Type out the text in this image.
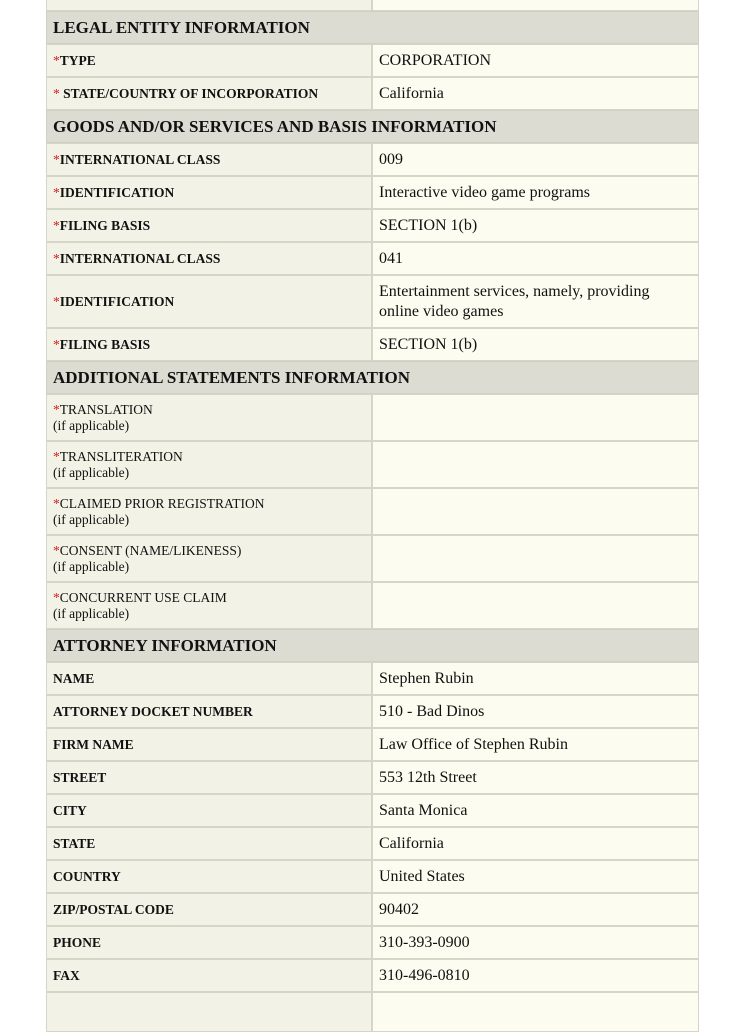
LEGAL ENTITY INFORMATION	
*TYPE	CORPORATION
* STATE/COUNTRY OF INCORPORATION	California
GOODS AND/OR SERVICES AND BASIS INFORMATION	
*INTERNATIONAL CLASS	009
*IDENTIFICATION	Interactive video game programs
*FILING BASIS	SECTION 1(b)
*INTERNATIONAL CLASS	041
*IDENTIFICATION	Entertainment services, namely, providing online video games
*FILING BASIS	SECTION 1(b)
ADDITIONAL STATEMENTS INFORMATION	
*TRANSLATION
(if applicable)	

*TRANSLITERATION
(if applicable)	

*CLAIMED PRIOR REGISTRATION
(if applicable)	

*CONSENT (NAME/LIKENESS)
(if applicable)	

*CONCURRENT USE CLAIM
(if applicable)	

ATTORNEY INFORMATION	
NAME	Stephen Rubin
ATTORNEY DOCKET NUMBER	510 - Bad Dinos
FIRM NAME	Law Office of Stephen Rubin
STREET	553 12th Street
CITY	Santa Monica
STATE	California
COUNTRY	United States
ZIP/POSTAL CODE	90402
PHONE	310-393-0900
FAX	310-496-0810
